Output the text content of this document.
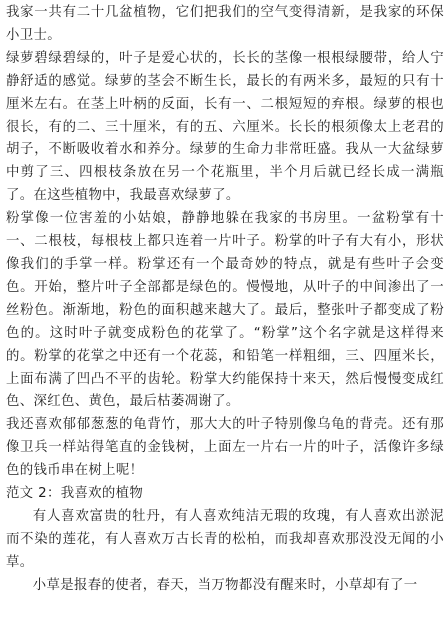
我家一共有二十几盆植物，它们把我们的空气变得清新，是我家的环保小卫士。

绿萝碧绿碧绿的，叶子是爱心状的，长长的茎像一根根绿腰带，给人宁静舒适的感觉。绿萝的茎会不断生长，最长的有两米多，最短的只有十厘米左右。在茎上叶柄的反面，长有一、二根短短的弃根。绿萝的根也很长，有的二、三十厘米，有的五、六厘米。长长的根须像太上老君的胡子，不断吸收着水和养分。绿萝的生命力非常旺盛。我从一大盆绿萝中剪了三、四根枝条放在另一个花瓶里，半个月后就已经长成一满瓶了。在这些植物中，我最喜欢绿萝了。

粉掌像一位害羞的小姑娘，静静地躲在我家的书房里。一盆粉掌有十一、二根枝，每根枝上都只连着一片叶子。粉掌的叶子有大有小，形状像我们的手掌一样。粉掌还有一个最奇妙的特点，就是有些叶子会变色。开始，整片叶子全部都是绿色的。慢慢地，从叶子的中间渗出了一丝粉色。渐渐地，粉色的面积越来越大了。最后，整张叶子都变成了粉色的。这时叶子就变成粉色的花掌了。“粉掌”这个名字就是这样得来的。粉掌的花掌之中还有一个花蕊，和铅笔一样粗细，三、四厘米长，上面布满了凹凸不平的齿轮。粉掌大约能保持十来天，然后慢慢变成红色、深红色、黄色，最后枯萎凋谢了。

我还喜欢郁郁葱葱的龟背竹，那大大的叶子特别像乌龟的背壳。还有那像卫兵一样站得笔直的金钱树，上面左一片右一片的叶子，活像许多绿色的钱币串在树上呢！

范文 2：我喜欢的植物

有人喜欢富贵的牡丹，有人喜欢纯洁无瑕的玫瑰，有人喜欢出淤泥而不染的莲花，有人喜欢万古长青的松柏，而我却喜欢那没没无闻的小草。

小草是报春的使者，春天，当万物都没有醒来时，小草却有了一
